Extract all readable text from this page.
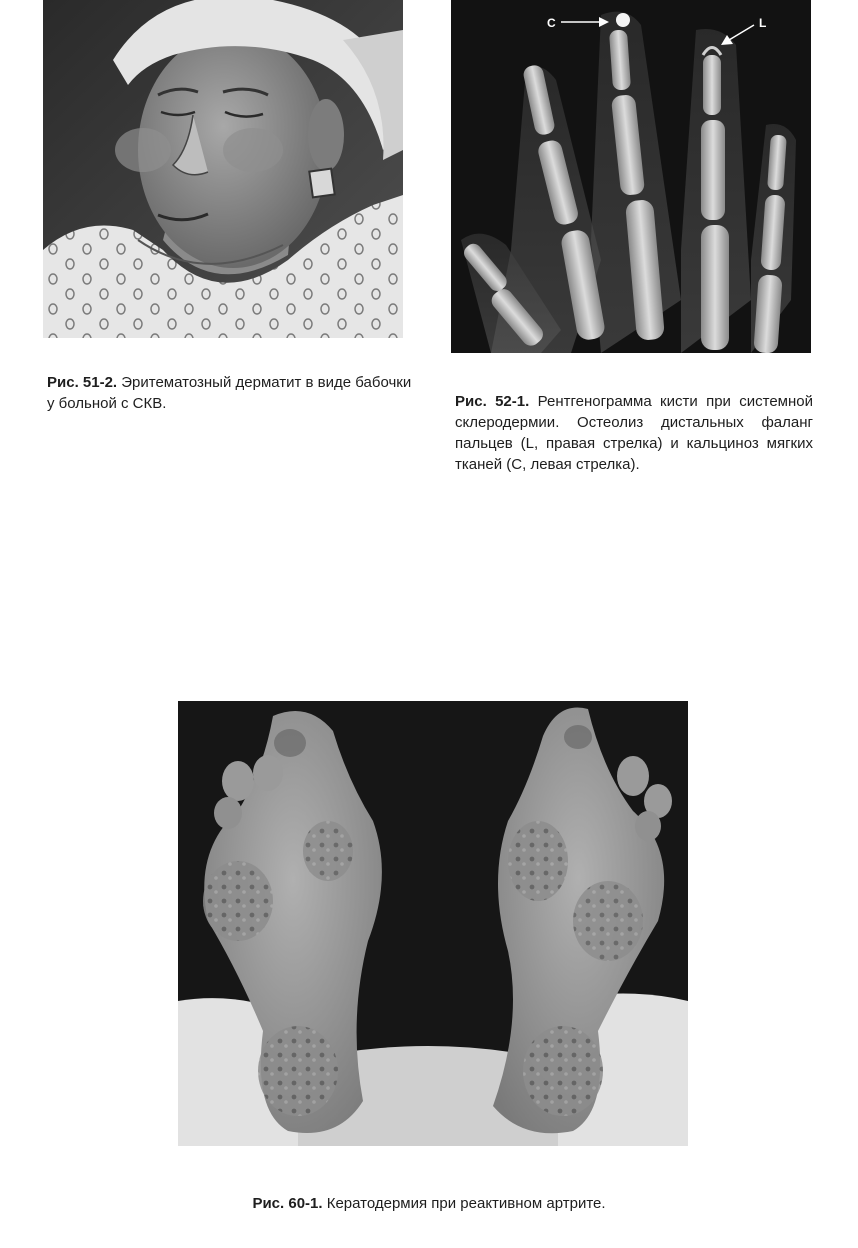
C	L
Рис. 51-2. Эритематозный дерматит в виде бабочки у больной с СКВ.	Рис. 52-1. Рентгенограмма кисти при системной склеродермии. Остеолиз дистальных фаланг пальцев (L, правая стрелка) и кальциноз мягких тканей (С, левая стрелка).
Рис. 60-1. Кератодермия при реактивном артрите.
